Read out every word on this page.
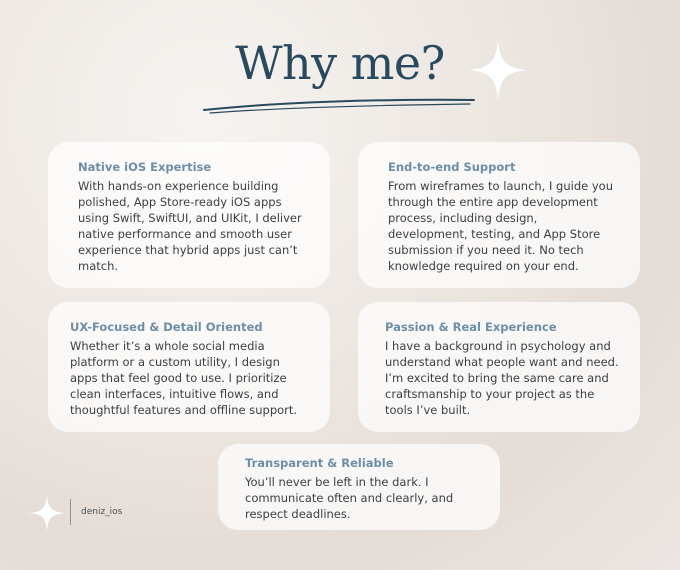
Why me?
Native iOS Expertise
With hands-on experience building polished, App Store-ready iOS apps using Swift, SwiftUI, and UIKit, I deliver native performance and smooth user experience that hybrid apps just can’t match.
End-to-end Support
From wireframes to launch, I guide you through the entire app development process, including design, development, testing, and App Store submission if you need it. No tech knowledge required on your end.
UX-Focused & Detail Oriented
Whether it’s a whole social media platform or a custom utility, I design apps that feel good to use. I prioritize clean interfaces, intuitive flows, and thoughtful features and offline support.
Passion & Real Experience
I have a background in psychology and understand what people want and need. I’m excited to bring the same care and craftsmanship to your project as the tools I’ve built.
Transparent & Reliable
You’ll never be left in the dark. I communicate often and clearly, and respect deadlines.
deniz_ios
